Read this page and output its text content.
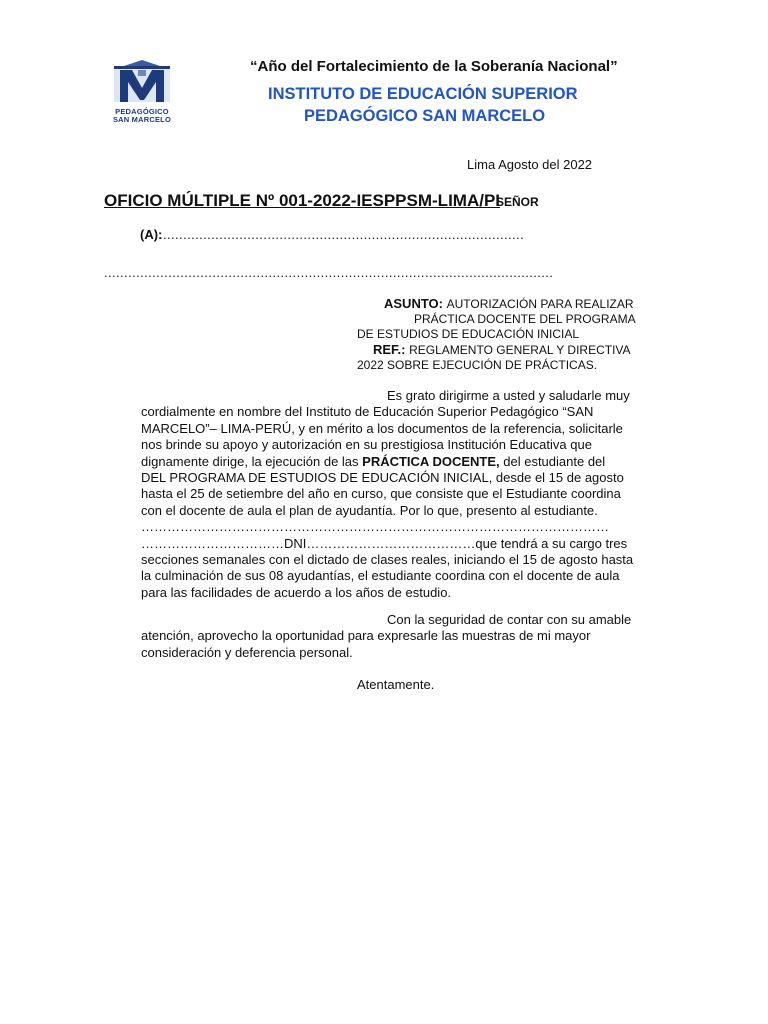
PEDAGÓGICO
SAN MARCELO
“Año del Fortalecimiento de la Soberanía Nacional”
INSTITUTO DE EDUCACIÓN SUPERIOR
PEDAGÓGICO SAN MARCELO
Lima Agosto del 2022
OFICIO MÚLTIPLE Nº 001-2022-IESPPSM-LIMA/PI
SEÑOR
(A):
...........................................................................................
................................................................................................................
ASUNTO: AUTORIZACIÓN PARA REALIZAR
PRÁCTICA DOCENTE DEL PROGRAMA
DE ESTUDIOS DE EDUCACIÓN INICIAL
REF.: REGLAMENTO GENERAL Y DIRECTIVA
2022 SOBRE EJECUCIÓN DE PRÁCTICAS.
Es grato dirigirme a usted y saludarle muy
cordialmente en nombre del Instituto de Educación Superior Pedagógico “SAN
MARCELO”– LIMA-PERÚ, y en mérito a los documentos de la referencia, solicitarle
nos brinde su apoyo y autorización en su prestigiosa Institución Educativa que
dignamente dirige, la ejecución de las PRÁCTICA DOCENTE, del estudiante del
DEL PROGRAMA DE ESTUDIOS DE EDUCACIÓN INICIAL, desde el 15 de agosto
hasta el 25 de setiembre del año en curso, que consiste que el Estudiante coordina
con el docente de aula el plan de ayudantía. Por lo que, presento al estudiante.
………………………………………………………………………………………………
……………………………DNI…………………………………que tendrá a su cargo tres
secciones semanales con el dictado de clases reales, iniciando el 15 de agosto hasta
la culminación de sus 08 ayudantías, el estudiante coordina con el docente de aula
para las facilidades de acuerdo a los años de estudio.
Con la seguridad de contar con su amable
atención, aprovecho la oportunidad para expresarle las muestras de mi mayor
consideración y deferencia personal.
Atentamente.
